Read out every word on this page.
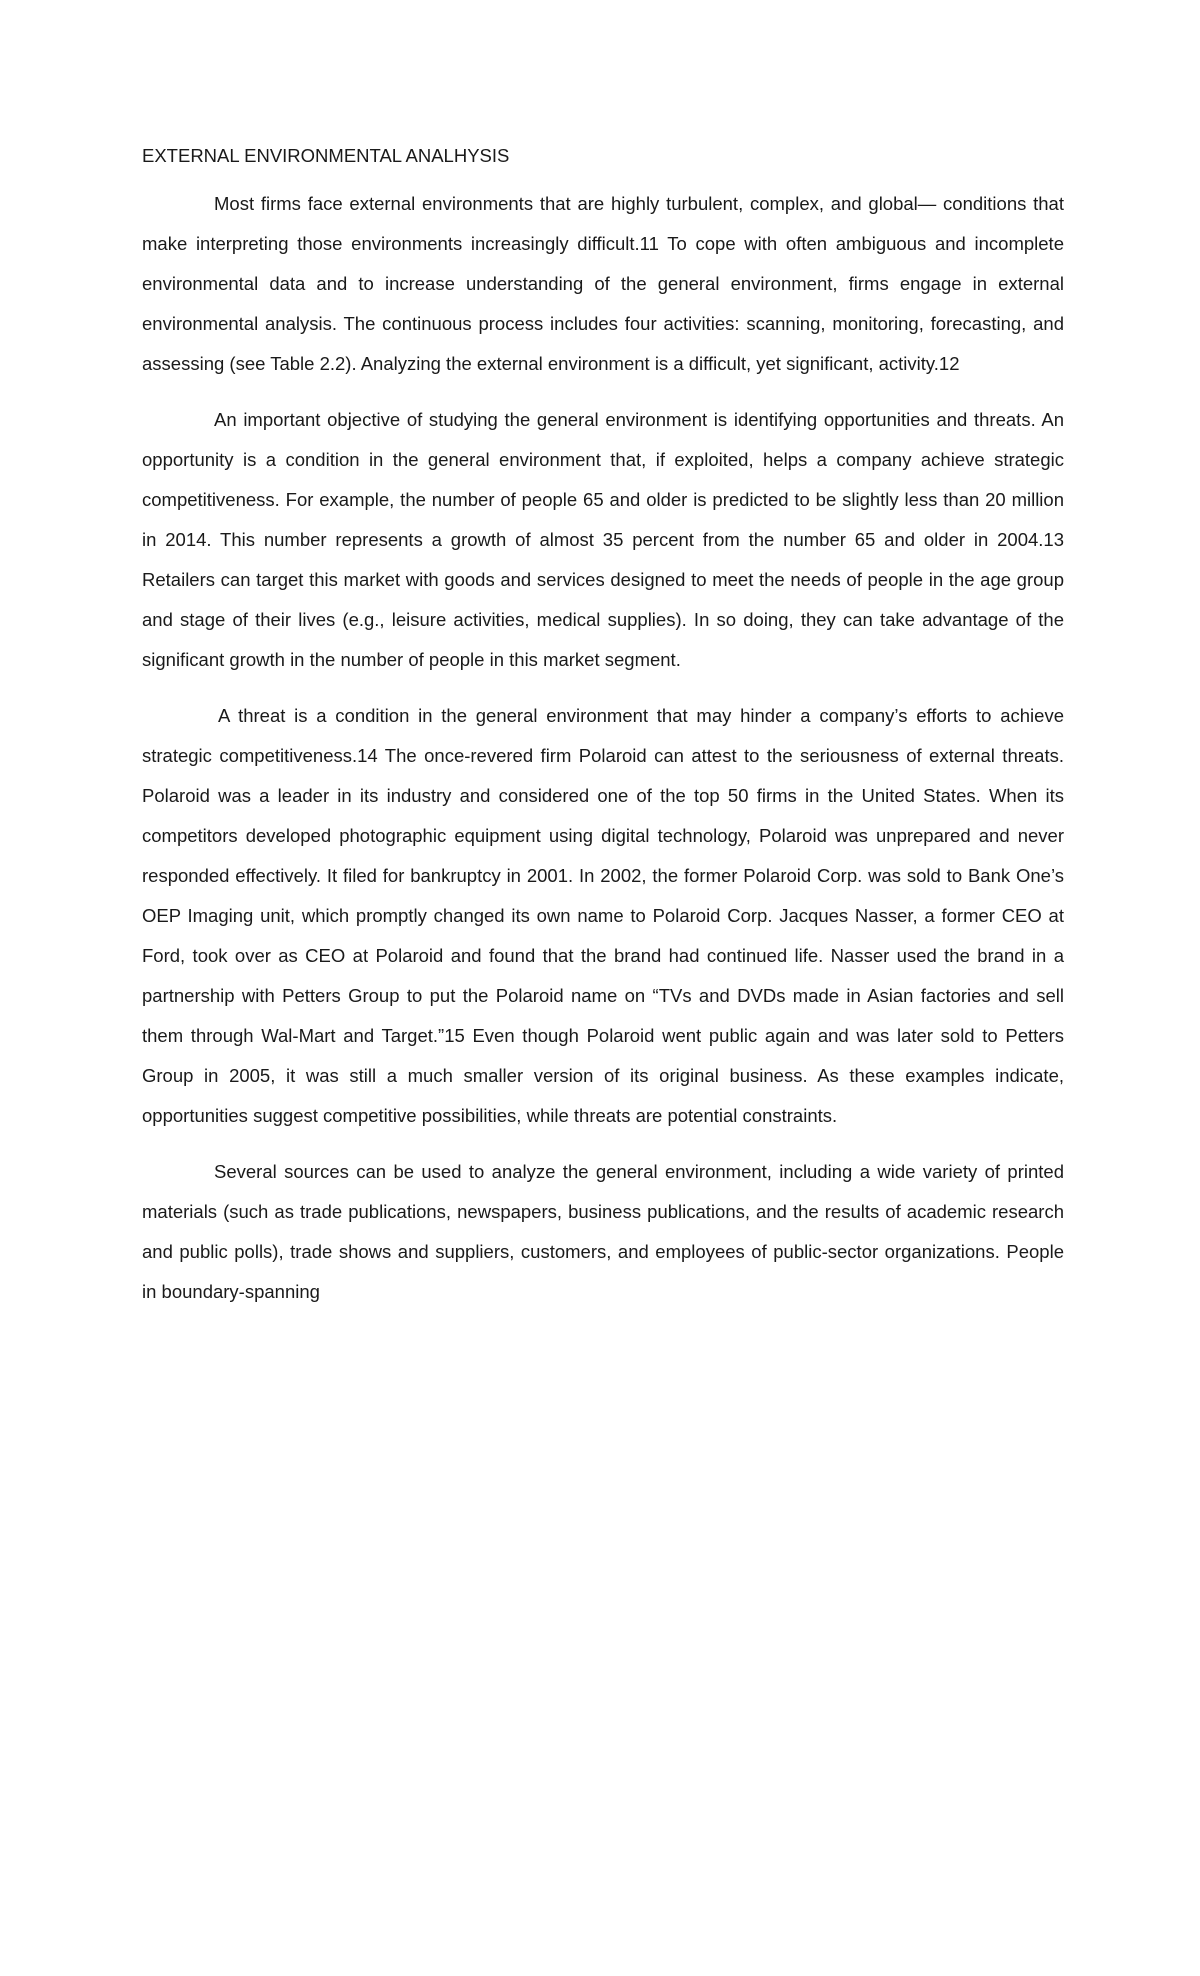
EXTERNAL ENVIRONMENTAL ANALHYSIS

Most firms face external environments that are highly turbulent, complex, and global— conditions that make interpreting those environments increasingly difficult.11 To cope with often ambiguous and incomplete environmental data and to increase understanding of the general environment, firms engage in external environmental analysis. The continuous process includes four activities: scanning, monitoring, forecasting, and assessing (see Table 2.2). Analyzing the external environment is a difficult, yet significant, activity.12

An important objective of studying the general environment is identifying opportunities and threats. An opportunity is a condition in the general environment that, if exploited, helps a company achieve strategic competitiveness. For example, the number of people 65 and older is predicted to be slightly less than 20 million in 2014. This number represents a growth of almost 35 percent from the number 65 and older in 2004.13 Retailers can target this market with goods and services designed to meet the needs of people in the age group and stage of their lives (e.g., leisure activities, medical supplies). In so doing, they can take advantage of the significant growth in the number of people in this market segment.

A threat is a condition in the general environment that may hinder a company’s efforts to achieve strategic competitiveness.14 The once-revered firm Polaroid can attest to the seriousness of external threats. Polaroid was a leader in its industry and considered one of the top 50 firms in the United States. When its competitors developed photographic equipment using digital technology, Polaroid was unprepared and never responded effectively. It filed for bankruptcy in 2001. In 2002, the former Polaroid Corp. was sold to Bank One’s OEP Imaging unit, which promptly changed its own name to Polaroid Corp. Jacques Nasser, a former CEO at Ford, took over as CEO at Polaroid and found that the brand had continued life. Nasser used the brand in a partnership with Petters Group to put the Polaroid name on “TVs and DVDs made in Asian factories and sell them through Wal-Mart and Target.”15 Even though Polaroid went public again and was later sold to Petters Group in 2005, it was still a much smaller version of its original business. As these examples indicate, opportunities suggest competitive possibilities, while threats are potential constraints.

Several sources can be used to analyze the general environment, including a wide variety of printed materials (such as trade publications, newspapers, business publications, and the results of academic research and public polls), trade shows and suppliers, customers, and employees of public-sector organizations. People in boundary-spanning
